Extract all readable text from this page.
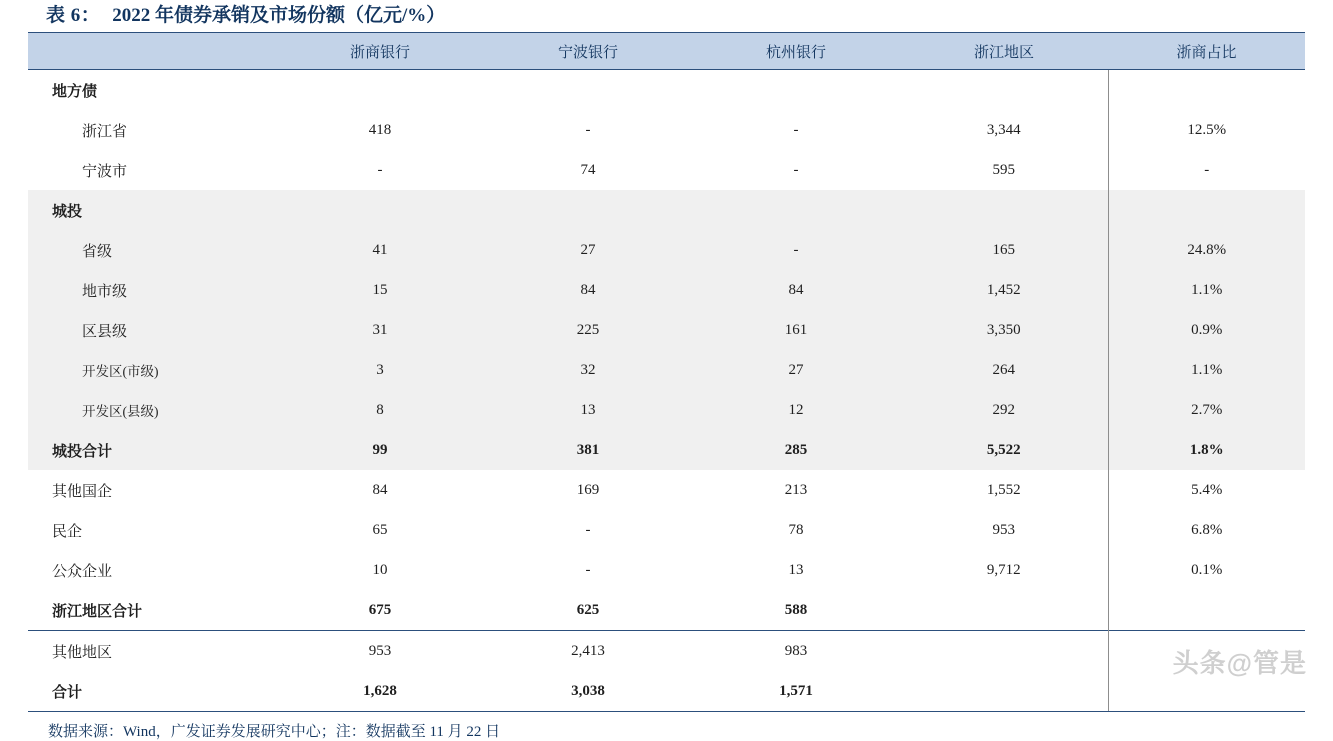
表 6： 2022 年债券承销及市场份额（亿元/%）
	浙商银行	宁波银行	杭州银行	浙江地区	浙商占比
地方债					
浙江省	418	-	-	3,344	12.5%
宁波市	-	74	-	595	-
城投					
省级	41	27	-	165	24.8%
地市级	15	84	84	1,452	1.1%
区县级	31	225	161	3,350	0.9%
开发区(市级)	3	32	27	264	1.1%
开发区(县级)	8	13	12	292	2.7%
城投合计	99	381	285	5,522	1.8%
其他国企	84	169	213	1,552	5.4%
民企	65	-	78	953	6.8%
公众企业	10	-	13	9,712	0.1%
浙江地区合计	675	625	588		
其他地区	953	2,413	983		
合计	1,628	3,038	1,571		
数据来源：Wind，广发证券发展研究中心；注：数据截至 11 月 22 日
头条@管是
